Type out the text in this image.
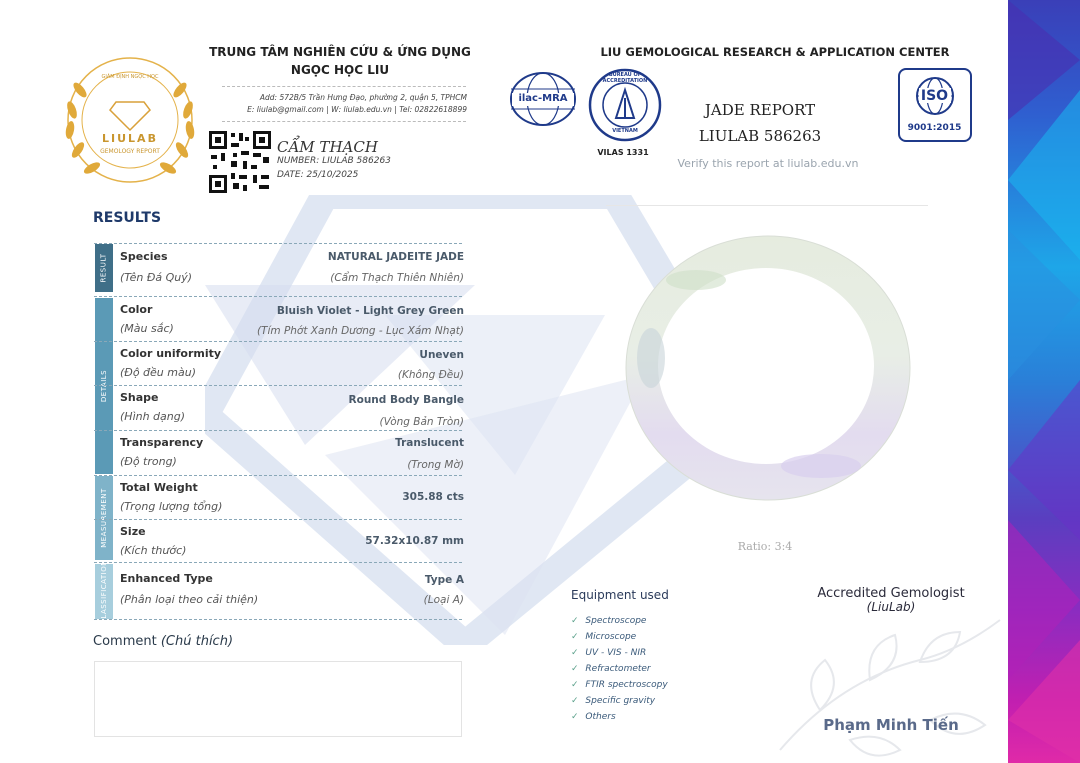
GIÁM ĐỊNH NGỌC HỌC
LIULAB
GEMOLOGY REPORT
TRUNG TÂM NGHIÊN CỨU & ỨNG DỤNG
NGỌC HỌC LIU
Add: 572B/5 Trần Hưng Đạo, phường 2, quận 5, TPHCM
E: liulab@gmail.com | W: liulab.edu.vn | Tel: 02822618899
CẨM THẠCH
NUMBER: LIULAB 586263
DATE: 25/10/2025
LIU GEMOLOGICAL RESEARCH & APPLICATION CENTER
ilac-MRA
BUREAU OF ACCREDITATION
VIETNAM
VILAS 1331
JADE REPORT
LIULAB 586263
Verify this report at liulab.edu.vn
ISO
9001:2015
RESULTS
RESULT
DETAILS
MEASUREMENT
CLASSIFICATION
Species
(Tên Đá Quý)
NATURAL JADEITE JADE
(Cẩm Thạch Thiên Nhiên)
Color
(Màu sắc)
Bluish Violet - Light Grey Green
(Tím Phớt Xanh Dương - Lục Xám Nhạt)
Color uniformity
(Độ đều màu)
Uneven
(Không Đều)
Shape
(Hình dạng)
Round Body Bangle
(Vòng Bản Tròn)
Transparency
(Độ trong)
Translucent
(Trong Mờ)
Total Weight
(Trọng lượng tổng)
305.88 cts
Size
(Kích thước)
57.32x10.87 mm
Enhanced Type
(Phân loại theo cải thiện)
Type A
(Loại A)
Comment (Chú thích)
Ratio: 3:4
Equipment used
✓ Spectroscope
✓ Microscope
✓ UV - VIS - NIR
✓ Refractometer
✓ FTIR spectroscopy
✓ Specific gravity
✓ Others
Accredited Gemologist
(LiuLab)
Phạm Minh Tiến
